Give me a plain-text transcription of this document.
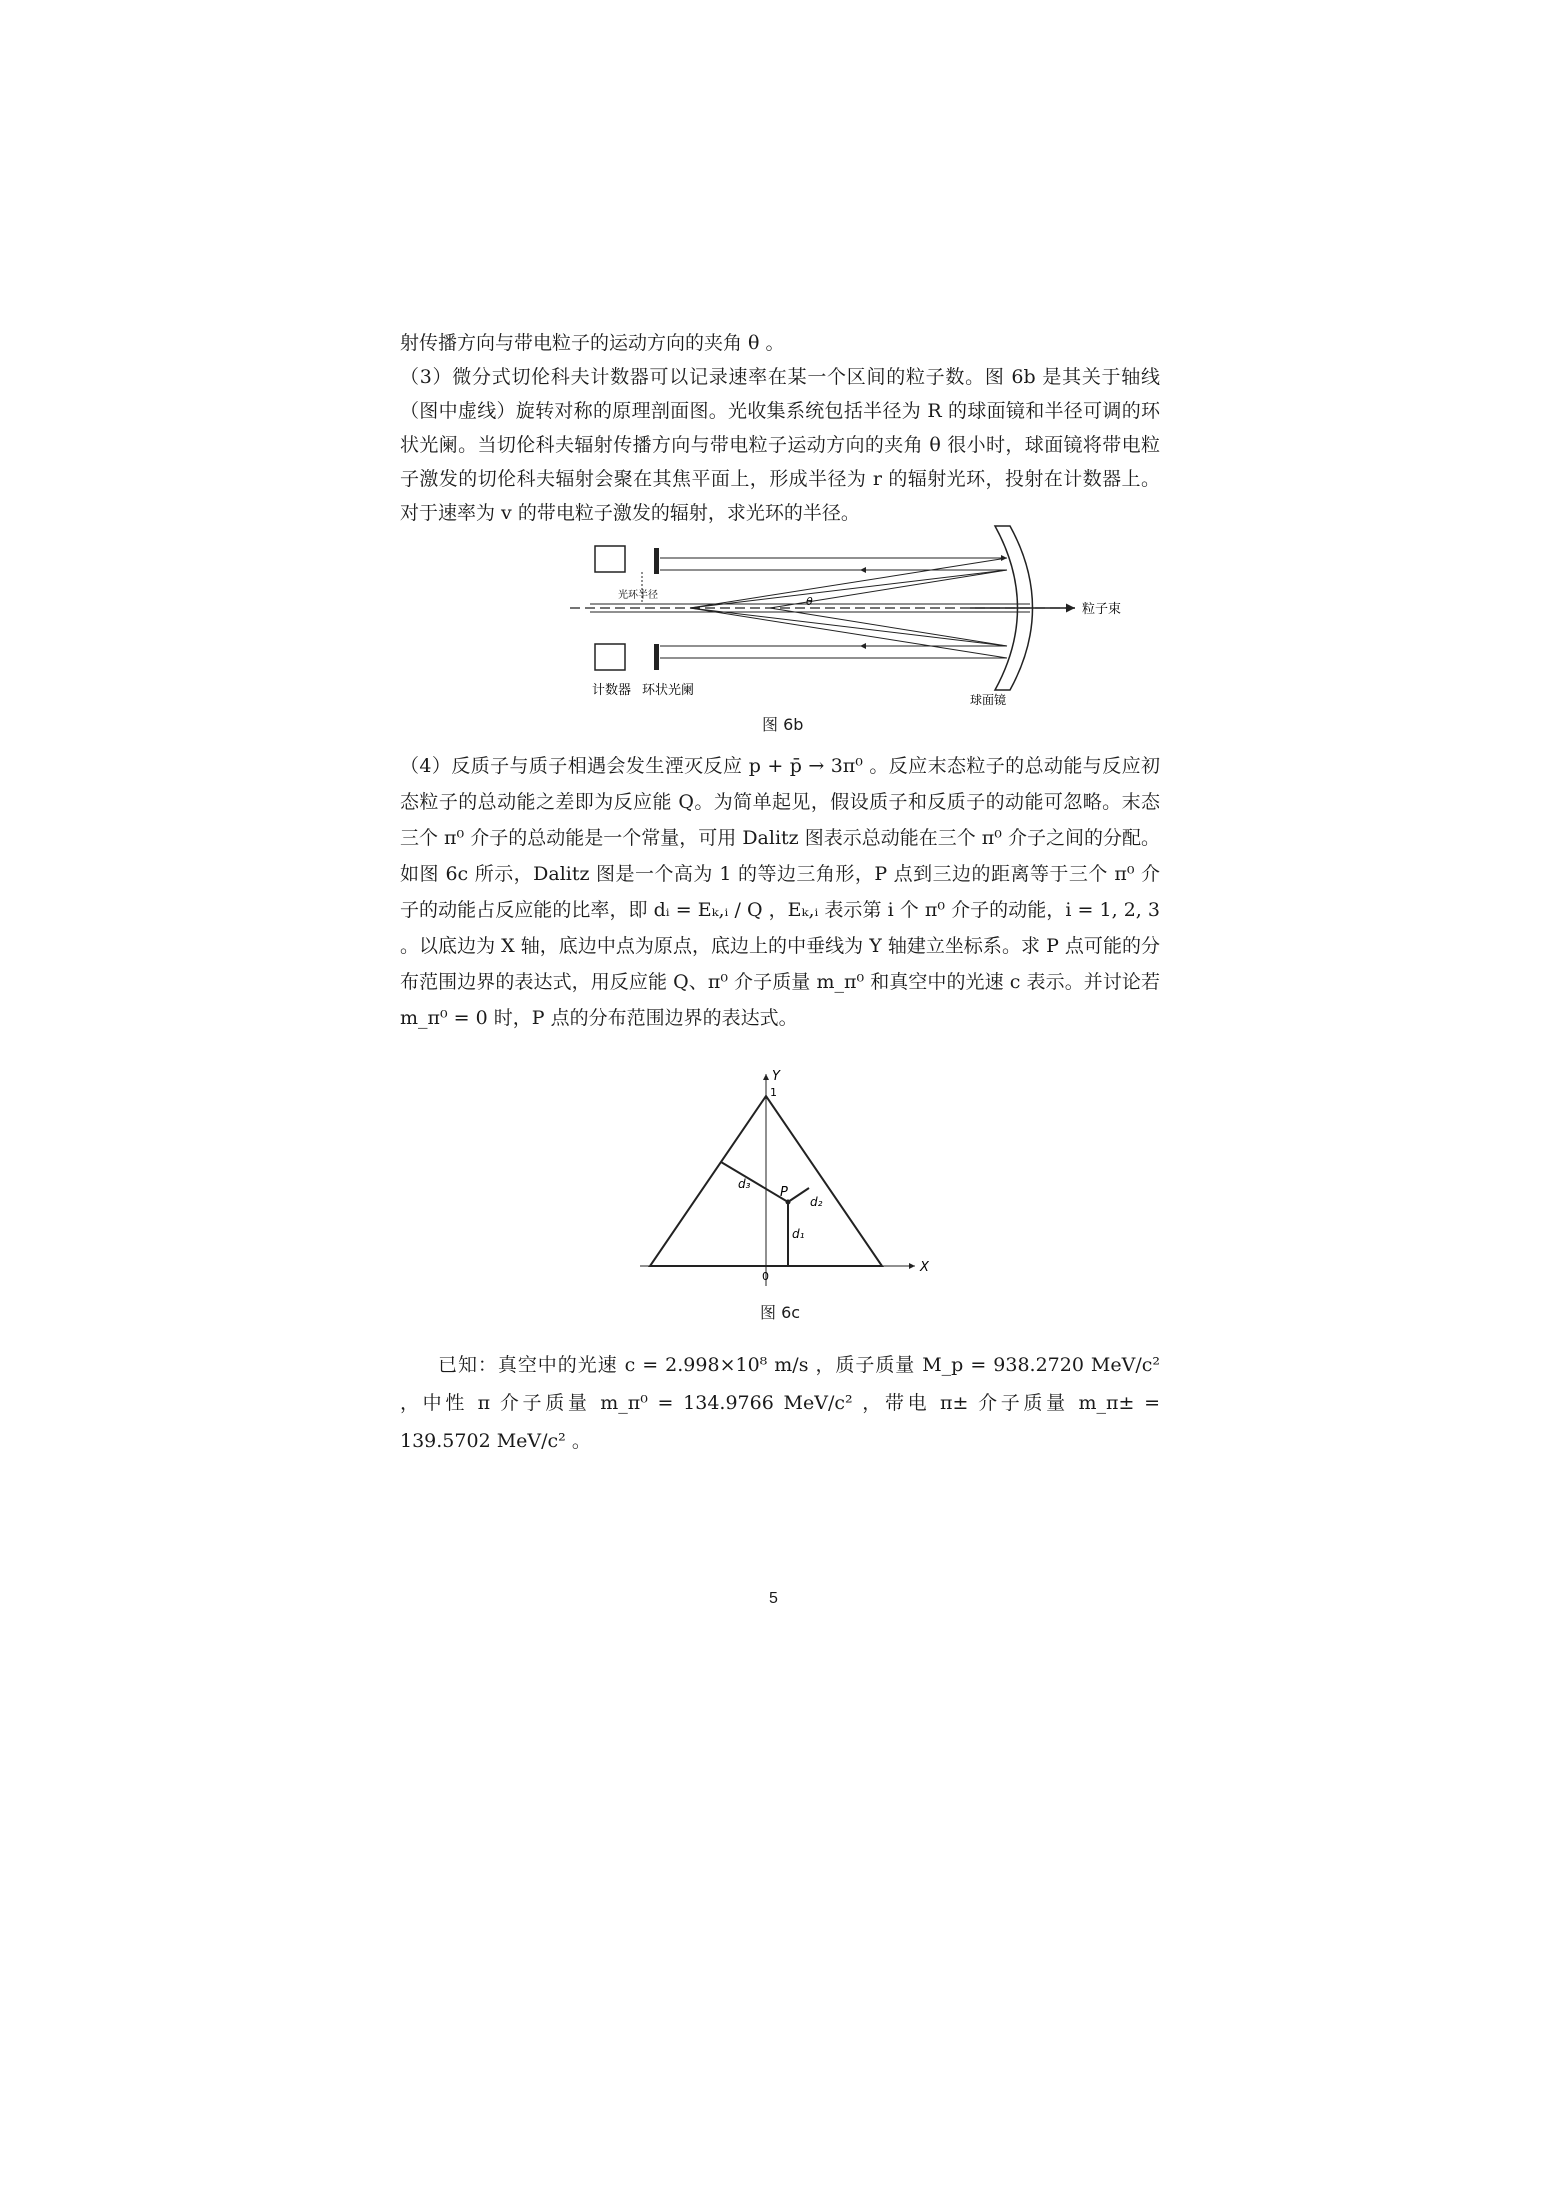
射传播方向与带电粒子的运动方向的夹角 θ 。

（3）微分式切伦科夫计数器可以记录速率在某一个区间的粒子数。图 6b 是其关于轴线（图中虚线）旋转对称的原理剖面图。光收集系统包括半径为 R 的球面镜和半径可调的环状光阑。当切伦科夫辐射传播方向与带电粒子运动方向的夹角 θ 很小时，球面镜将带电粒子激发的切伦科夫辐射会聚在其焦平面上，形成半径为 r 的辐射光环，投射在计数器上。对于速率为 v 的带电粒子激发的辐射，求光环的半径。

光环半径	θ
粒子束
计数器 环状光阑
球面镜
图 6b

（4）反质子与质子相遇会发生湮灭反应 p + p̄ → 3π⁰ 。反应末态粒子的总动能与反应初态粒子的总动能之差即为反应能 Q。为简单起见，假设质子和反质子的动能可忽略。末态三个 π⁰ 介子的总动能是一个常量，可用 Dalitz 图表示总动能在三个 π⁰ 介子之间的分配。如图 6c 所示，Dalitz 图是一个高为 1 的等边三角形，P 点到三边的距离等于三个 π⁰ 介子的动能占反应能的比率，即 dᵢ = Eₖ,ᵢ / Q ，Eₖ,ᵢ 表示第 i 个 π⁰ 介子的动能，i = 1, 2, 3 。以底边为 X 轴，底边中点为原点，底边上的中垂线为 Y 轴建立坐标系。求 P 点可能的分布范围边界的表达式，用反应能 Q、π⁰ 介子质量 m_π⁰ 和真空中的光速 c 表示。并讨论若 m_π⁰ = 0 时，P 点的分布范围边界的表达式。

Y
X
1
0
P
d₁
d₂
d₃
图 6c

已知：真空中的光速 c = 2.998×10⁸ m/s ，质子质量 M_p = 938.2720 MeV/c² ，中性 π 介子质量 m_π⁰ = 134.9766 MeV/c² ，带电 π± 介子质量 m_π± = 139.5702 MeV/c² 。

5
